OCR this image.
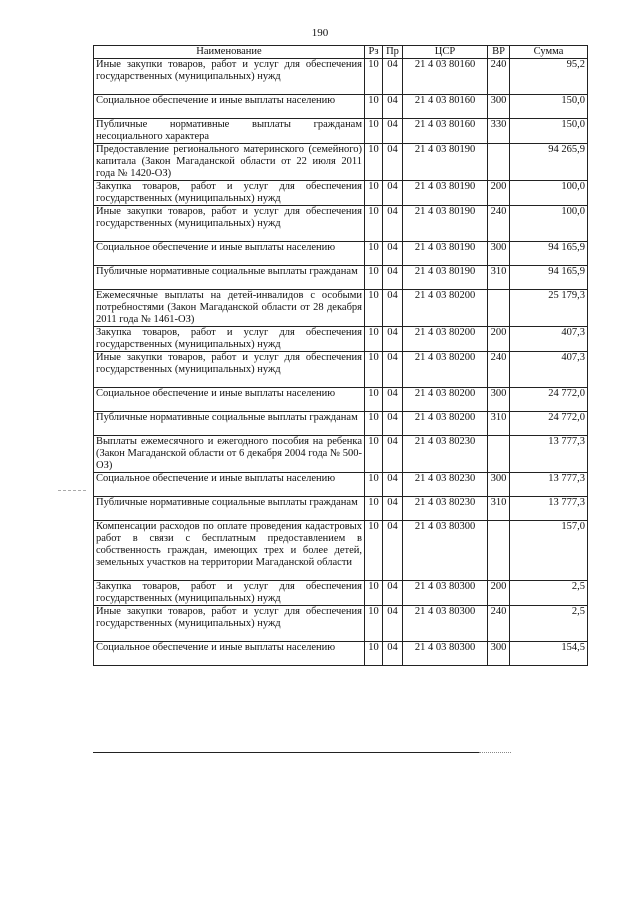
190
Наименование	Рз	Пр	ЦСР	ВР	Сумма
Иные закупки товаров, работ и услуг для обеспечения государственных (муниципальных) нужд	10	04	21 4 03 80160	240	95,2
Социальное обеспечение и иные выплаты населению	10	04	21 4 03 80160	300	150,0
Публичные нормативные выплаты гражданам несоциального характера	10	04	21 4 03 80160	330	150,0
Предоставление регионального материнского (семейного) капитала (Закон Магаданской области от 22 июля 2011 года № 1420-ОЗ)	10	04	21 4 03 80190		94 265,9
Закупка товаров, работ и услуг для обеспечения государственных (муниципальных) нужд	10	04	21 4 03 80190	200	100,0
Иные закупки товаров, работ и услуг для обеспечения государственных (муниципальных) нужд	10	04	21 4 03 80190	240	100,0
Социальное обеспечение и иные выплаты населению	10	04	21 4 03 80190	300	94 165,9
Публичные нормативные социальные выплаты гражданам	10	04	21 4 03 80190	310	94 165,9
Ежемесячные выплаты на детей-инвалидов с особыми потребностями (Закон Магаданской области от 28 декабря 2011 года № 1461-ОЗ)	10	04	21 4 03 80200		25 179,3
Закупка товаров, работ и услуг для обеспечения государственных (муниципальных) нужд	10	04	21 4 03 80200	200	407,3
Иные закупки товаров, работ и услуг для обеспечения государственных (муниципальных) нужд	10	04	21 4 03 80200	240	407,3
Социальное обеспечение и иные выплаты населению	10	04	21 4 03 80200	300	24 772,0
Публичные нормативные социальные выплаты гражданам	10	04	21 4 03 80200	310	24 772,0
Выплаты ежемесячного и ежегодного пособия на ребенка (Закон Магаданской области от 6 декабря 2004 года № 500-ОЗ)	10	04	21 4 03 80230		13 777,3
Социальное обеспечение и иные выплаты населению	10	04	21 4 03 80230	300	13 777,3
Публичные нормативные социальные выплаты гражданам	10	04	21 4 03 80230	310	13 777,3
Компенсации расходов по оплате проведения кадастровых работ в связи с бесплатным предоставлением в собственность граждан, имеющих трех и более детей, земельных участков на территории Магаданской области	10	04	21 4 03 80300		157,0
Закупка товаров, работ и услуг для обеспечения государственных (муниципальных) нужд	10	04	21 4 03 80300	200	2,5
Иные закупки товаров, работ и услуг для обеспечения государственных (муниципальных) нужд	10	04	21 4 03 80300	240	2,5
Социальное обеспечение и иные выплаты населению	10	04	21 4 03 80300	300	154,5
